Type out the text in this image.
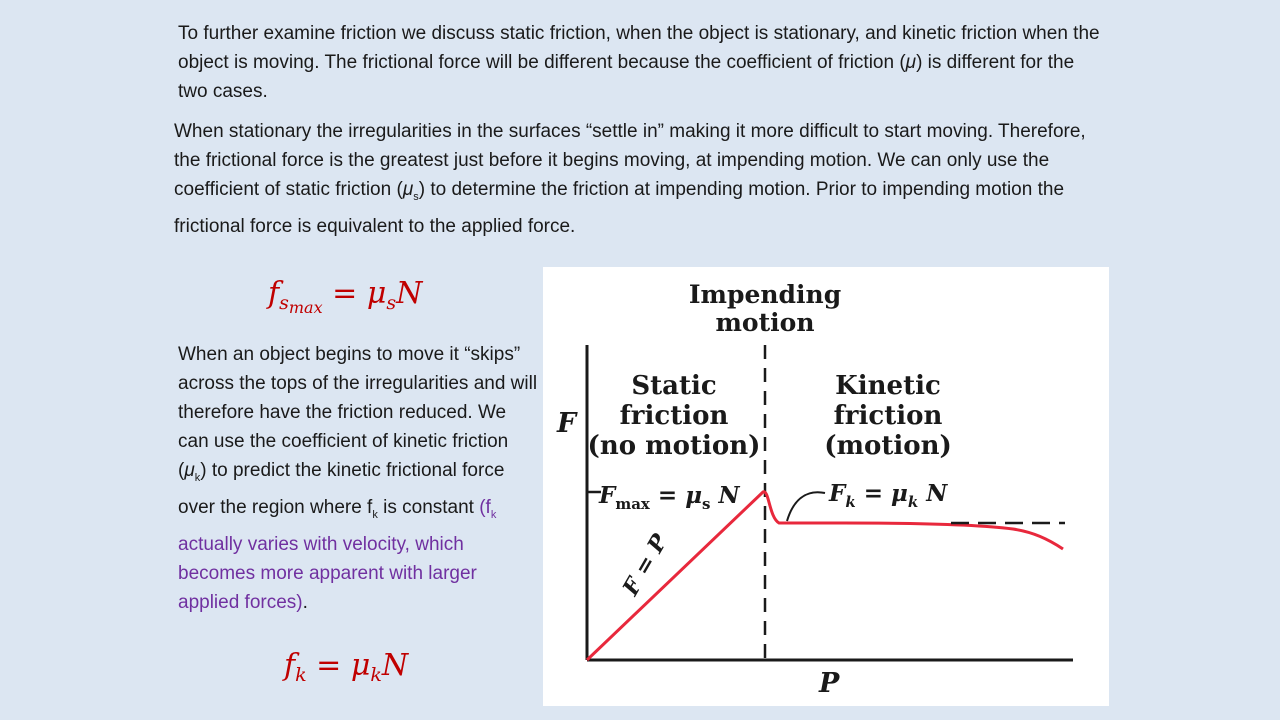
To further examine friction we discuss static friction, when the object is stationary, and kinetic friction when the object is moving. The frictional force will be different because the coefficient of friction (μ) is different for the two cases.

When stationary the irregularities in the surfaces “settle in” making it more difficult to start moving. Therefore, the frictional force is the greatest just before it begins moving, at impending motion. We can only use the coefficient of static friction $(\mu_s)$ to determine the friction at impending motion. Prior to impending motion the frictional force is equivalent to the applied force.

$f_{s_{max}} = \mu_sN$

When an object begins to move it “skips” across the tops of the irregularities and will therefore have the friction reduced. We can use the coefficient of kinetic friction $(\mu_k)$ to predict the kinetic frictional force over the region where $f_k$ is constant ($f_k$ actually varies with velocity, which becomes more apparent with larger applied forces).

$f_k = \mu_kN$
Impending
motion
Static
friction
(no motion)
Kinetic
friction
(motion)
F
P
$F_{max} = \mu_s$ N	$F_k = \mu_k$ N
F = P
